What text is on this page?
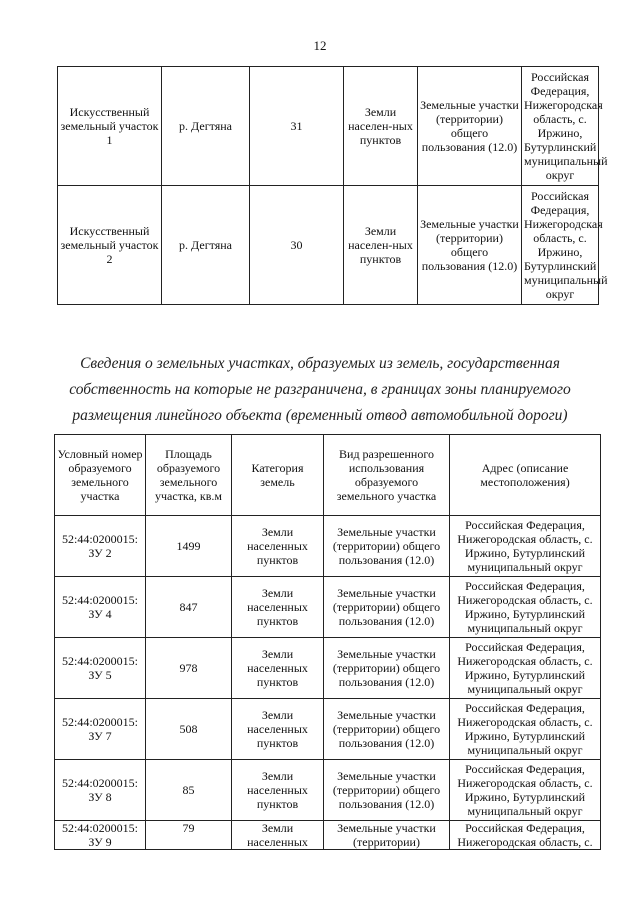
12
Искусственный земельный участок 1	р. Дегтяна	31	Земли населен-ных пунктов	Земельные участки (территории) общего пользования (12.0)	Российская Федерация, Нижегородская область, с. Иржино, Бутурлинский муниципальный округ
Искусственный земельный участок 2	р. Дегтяна	30	Земли населен-ных пунктов	Земельные участки (территории) общего пользования (12.0)	Российская Федерация, Нижегородская область, с. Иржино, Бутурлинский муниципальный округ
Сведения о земельных участках, образуемых из земель, государственная собственность на которые не разграничена, в границах зоны планируемого размещения линейного объекта (временный отвод автомобильной дороги)
Условный номер образуемого земельного участка	Площадь образуемого земельного участка, кв.м	Категория земель	Вид разрешенного использования образуемого земельного участка	Адрес (описание местоположения)
52:44:0200015: ЗУ 2	1499	Земли населенных пунктов	Земельные участки (территории) общего пользования (12.0)	Российская Федерация, Нижегородская область, с. Иржино, Бутурлинский муниципальный округ
52:44:0200015: ЗУ 4	847	Земли населенных пунктов	Земельные участки (территории) общего пользования (12.0)	Российская Федерация, Нижегородская область, с. Иржино, Бутурлинский муниципальный округ
52:44:0200015: ЗУ 5	978	Земли населенных пунктов	Земельные участки (территории) общего пользования (12.0)	Российская Федерация, Нижегородская область, с. Иржино, Бутурлинский муниципальный округ
52:44:0200015: ЗУ 7	508	Земли населенных пунктов	Земельные участки (территории) общего пользования (12.0)	Российская Федерация, Нижегородская область, с. Иржино, Бутурлинский муниципальный округ
52:44:0200015: ЗУ 8	85	Земли населенных пунктов	Земельные участки (территории) общего пользования (12.0)	Российская Федерация, Нижегородская область, с. Иржино, Бутурлинский муниципальный округ
52:44:0200015: ЗУ 9	79	Земли населенных	Земельные участки (территории)	Российская Федерация, Нижегородская область, с.
